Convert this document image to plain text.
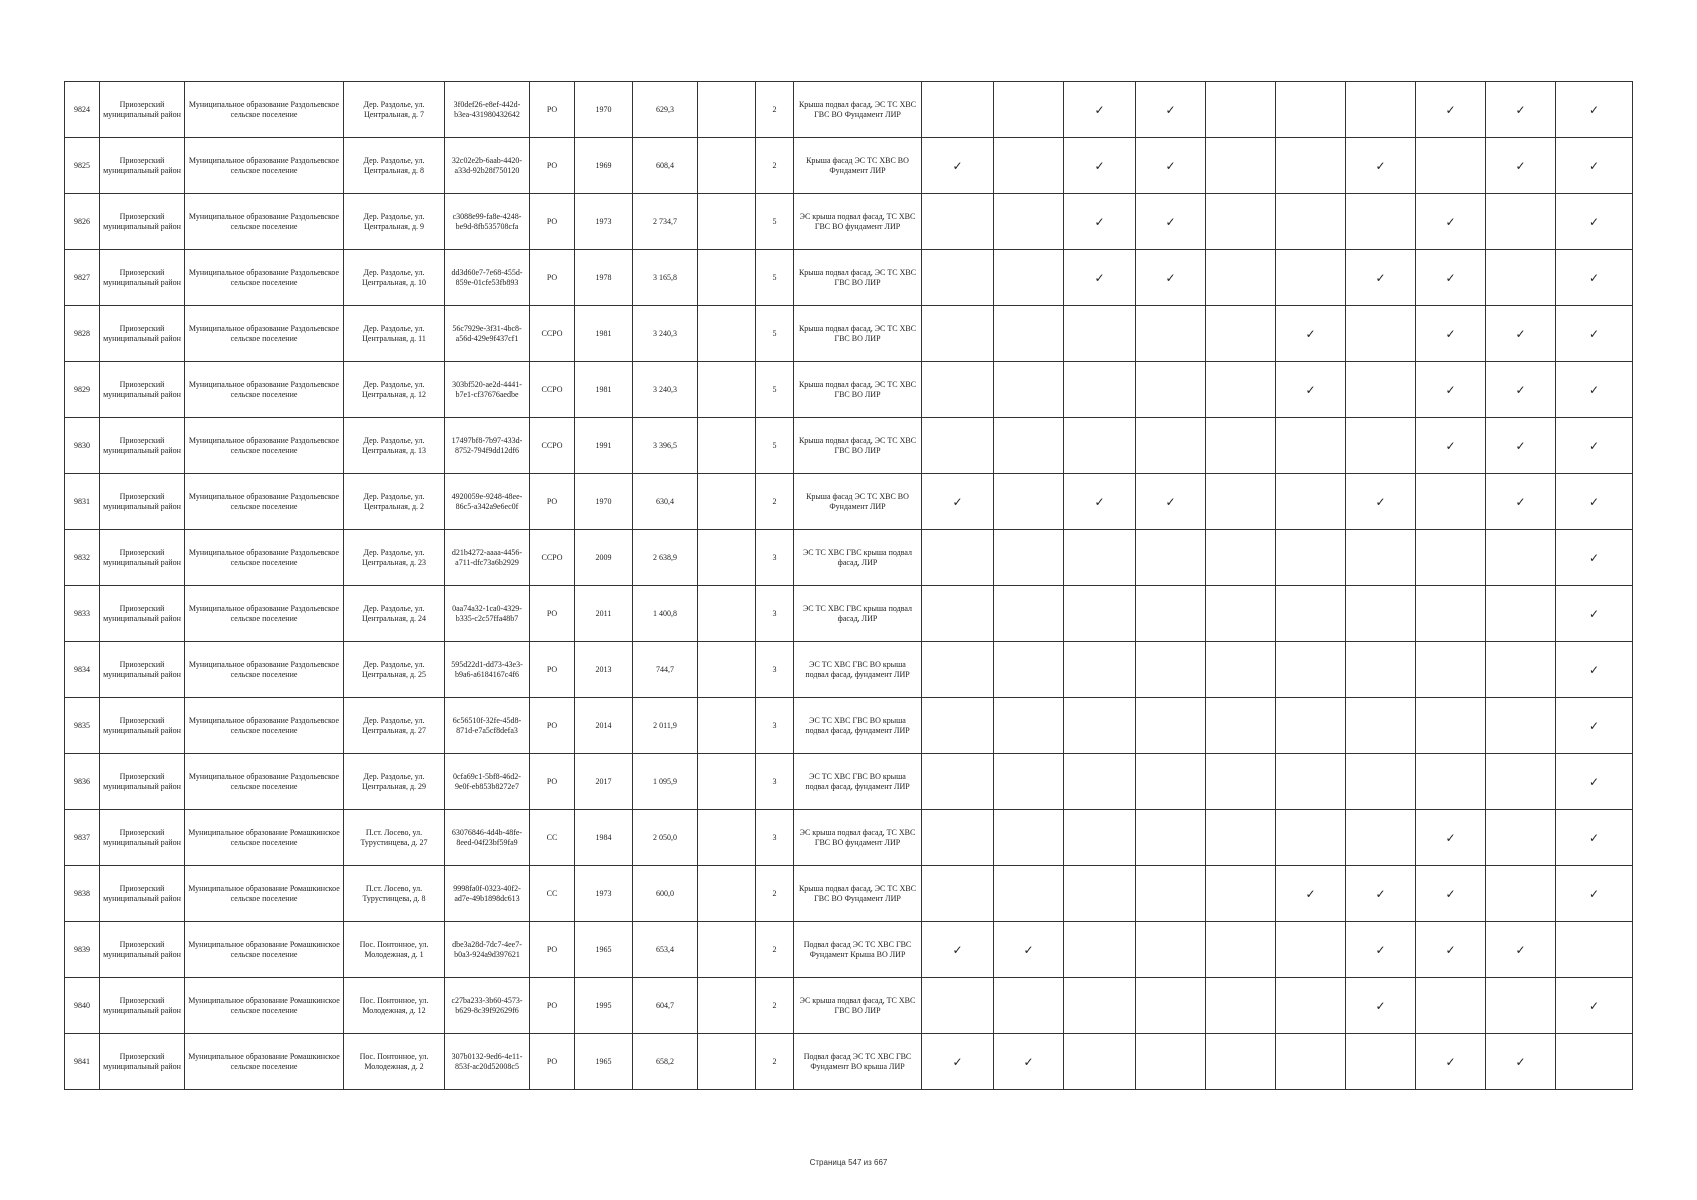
9824	Приозерский муниципальный район	Муниципальное образование Раздольевское сельское поселение	Дер. Раздолье, ул. Центральная, д. 7	3f0def26-e8ef-442d-b3ea-431980432642	РО	1970	629,3		2	Крыша подвал фасад, ЭС ТС ХВС ГВС ВО Фундамент ЛИР			✓	✓				✓	✓	✓
9825	Приозерский муниципальный район	Муниципальное образование Раздольевское сельское поселение	Дер. Раздолье, ул. Центральная, д. 8	32c02e2b-6aab-4420-a33d-92b28f750120	РО	1969	608,4		2	Крыша фасад ЭС ТС ХВС ВО Фундамент ЛИР	✓		✓	✓			✓		✓	✓
9826	Приозерский муниципальный район	Муниципальное образование Раздольевское сельское поселение	Дер. Раздолье, ул. Центральная, д. 9	c3088e99-fa8e-4248-be9d-8fb535708cfa	РО	1973	2 734,7		5	ЭС крыша подвал фасад, ТС ХВС ГВС ВО фундамент ЛИР			✓	✓				✓		✓
9827	Приозерский муниципальный район	Муниципальное образование Раздольевское сельское поселение	Дер. Раздолье, ул. Центральная, д. 10	dd3d60e7-7e68-455d-859e-01cfe53fb893	РО	1978	3 165,8		5	Крыша подвал фасад, ЭС ТС ХВС ГВС ВО ЛИР			✓	✓			✓	✓		✓
9828	Приозерский муниципальный район	Муниципальное образование Раздольевское сельское поселение	Дер. Раздолье, ул. Центральная, д. 11	56c7929e-3f31-4bc8-a56d-429e9f437cf1	ССРО	1981	3 240,3		5	Крыша подвал фасад, ЭС ТС ХВС ГВС ВО ЛИР						✓		✓	✓	✓
9829	Приозерский муниципальный район	Муниципальное образование Раздольевское сельское поселение	Дер. Раздолье, ул. Центральная, д. 12	303bf520-ae2d-4441-b7e1-cf37676aedbe	ССРО	1981	3 240,3		5	Крыша подвал фасад, ЭС ТС ХВС ГВС ВО ЛИР						✓		✓	✓	✓
9830	Приозерский муниципальный район	Муниципальное образование Раздольевское сельское поселение	Дер. Раздолье, ул. Центральная, д. 13	17497bf8-7b97-433d-8752-794f9dd12df6	ССРО	1991	3 396,5		5	Крыша подвал фасад, ЭС ТС ХВС ГВС ВО ЛИР								✓	✓	✓
9831	Приозерский муниципальный район	Муниципальное образование Раздольевское сельское поселение	Дер. Раздолье, ул. Центральная, д. 2	4920059e-9248-48ee-86c5-a342a9e6ec0f	РО	1970	630,4		2	Крыша фасад ЭС ТС ХВС ВО Фундамент ЛИР	✓		✓	✓			✓		✓	✓
9832	Приозерский муниципальный район	Муниципальное образование Раздольевское сельское поселение	Дер. Раздолье, ул. Центральная, д. 23	d21b4272-aaaa-4456-a711-dfc73a6b2929	ССРО	2009	2 638,9		3	ЭС ТС ХВС ГВС крыша подвал фасад, ЛИР										✓
9833	Приозерский муниципальный район	Муниципальное образование Раздольевское сельское поселение	Дер. Раздолье, ул. Центральная, д. 24	0aa74a32-1ca0-4329-b335-c2c57ffa48b7	РО	2011	1 400,8		3	ЭС ТС ХВС ГВС крыша подвал фасад, ЛИР										✓
9834	Приозерский муниципальный район	Муниципальное образование Раздольевское сельское поселение	Дер. Раздолье, ул. Центральная, д. 25	595d22d1-dd73-43e3-b9a6-a6184167c4f6	РО	2013	744,7		3	ЭС ТС ХВС ГВС ВО крыша подвал фасад, фундамент ЛИР										✓
9835	Приозерский муниципальный район	Муниципальное образование Раздольевское сельское поселение	Дер. Раздолье, ул. Центральная, д. 27	6c56510f-32fe-45d8-871d-e7a5cf8defa3	РО	2014	2 011,9		3	ЭС ТС ХВС ГВС ВО крыша подвал фасад, фундамент ЛИР										✓
9836	Приозерский муниципальный район	Муниципальное образование Раздольевское сельское поселение	Дер. Раздолье, ул. Центральная, д. 29	0cfa69c1-5bf8-46d2-9e0f-eb853b8272e7	РО	2017	1 095,9		3	ЭС ТС ХВС ГВС ВО крыша подвал фасад, фундамент ЛИР										✓
9837	Приозерский муниципальный район	Муниципальное образование Ромашкинское сельское поселение	П.ст. Лосево, ул. Турустинцева, д. 27	63076846-4d4b-48fe-8eed-04f23bf59fa9	СС	1984	2 050,0		3	ЭС крыша подвал фасад, ТС ХВС ГВС ВО фундамент ЛИР								✓		✓
9838	Приозерский муниципальный район	Муниципальное образование Ромашкинское сельское поселение	П.ст. Лосево, ул. Турустинцева, д. 8	9998fa0f-0323-40f2-ad7e-49b1898dc613	СС	1973	600,0		2	Крыша подвал фасад, ЭС ТС ХВС ГВС ВО Фундамент ЛИР						✓	✓	✓		✓
9839	Приозерский муниципальный район	Муниципальное образование Ромашкинское сельское поселение	Пос. Понтонное, ул. Молодежная, д. 1	dbe3a28d-7dc7-4ee7-b0a3-924a9d397621	РО	1965	653,4		2	Подвал фасад ЭС ТС ХВС ГВС Фундамент Крыша ВО ЛИР	✓	✓					✓	✓	✓	
9840	Приозерский муниципальный район	Муниципальное образование Ромашкинское сельское поселение	Пос. Понтонное, ул. Молодежная, д. 12	c27ba233-3b60-4573-b629-8c39f92629f6	РО	1995	604,7		2	ЭС крыша подвал фасад, ТС ХВС ГВС ВО ЛИР							✓			✓
9841	Приозерский муниципальный район	Муниципальное образование Ромашкинское сельское поселение	Пос. Понтонное, ул. Молодежная, д. 2	307b0132-9ed6-4e11-853f-ac20d52008c5	РО	1965	658,2		2	Подвал фасад ЭС ТС ХВС ГВС Фундамент ВО крыша ЛИР	✓	✓						✓	✓	
Страница 547 из 667
